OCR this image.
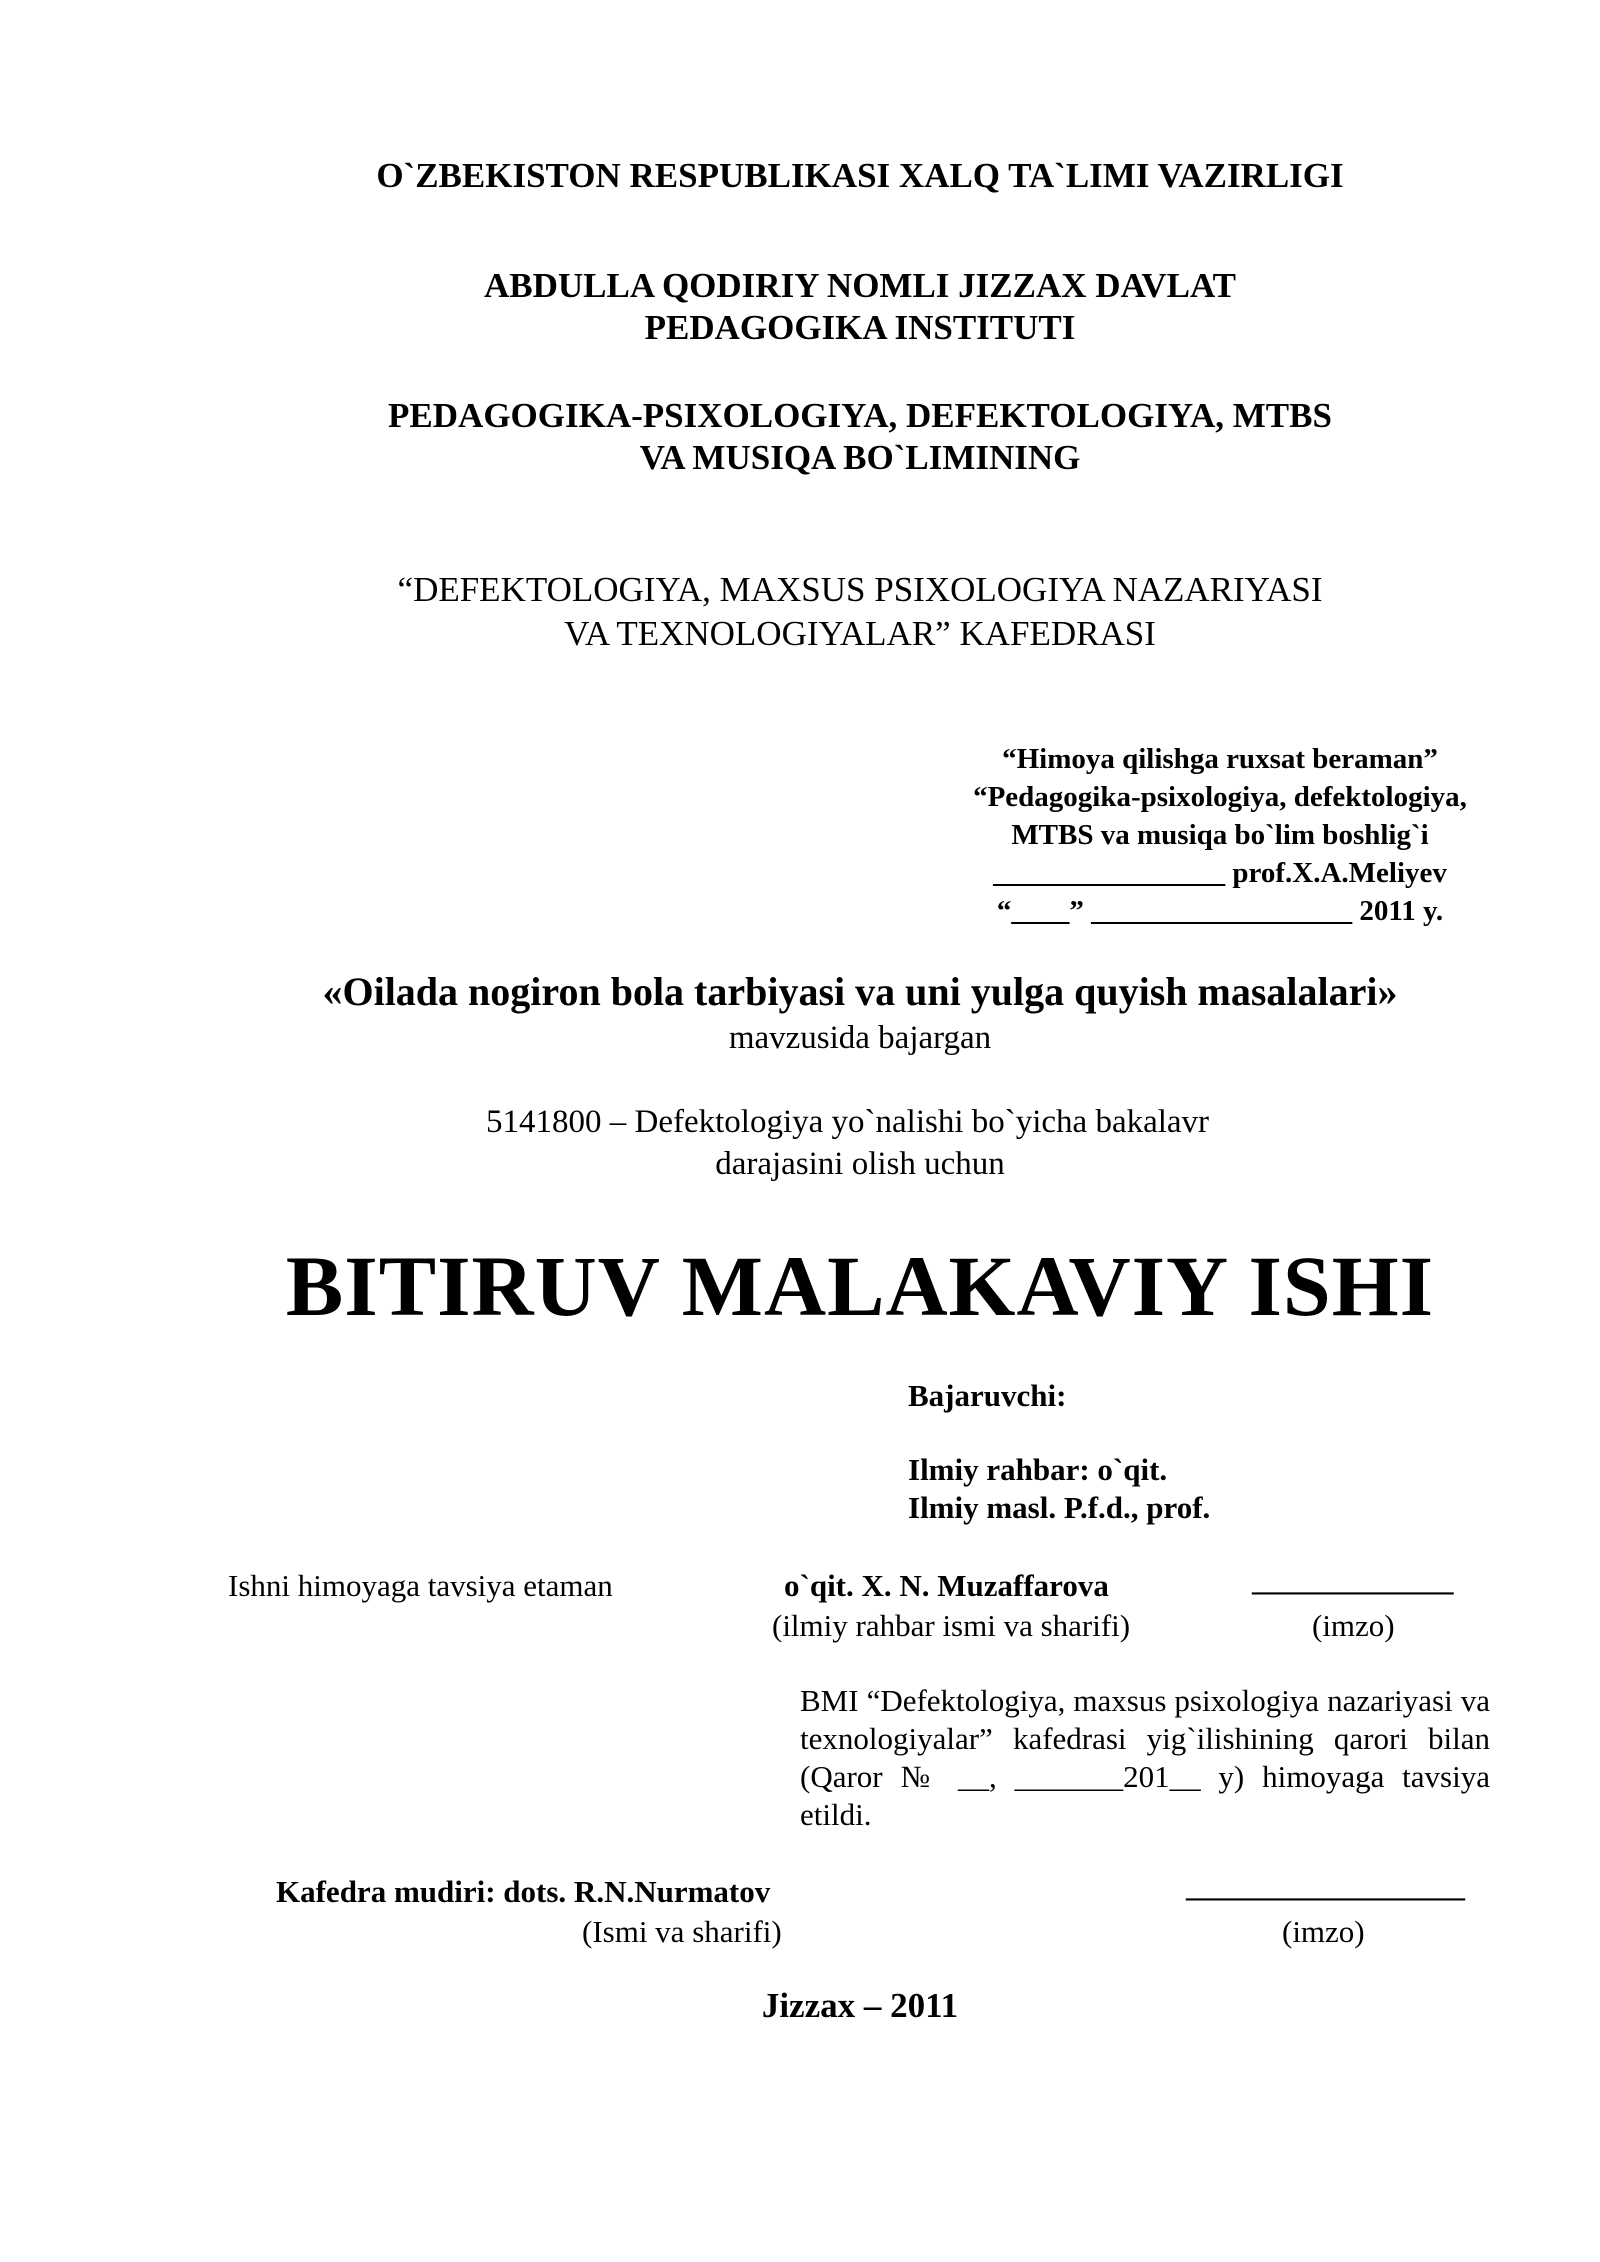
O`ZBEKISTON RESPUBLIKASI XALQ TA`LIMI VAZIRLIGI
ABDULLA QODIRIY NOMLI JIZZAX DAVLAT
PEDAGOGIKA INSTITUTI
PEDAGOGIKA-PSIXOLOGIYA, DEFEKTOLOGIYA, MTBS
VA MUSIQA BO`LIMINING
“DEFEKTOLOGIYA, MAXSUS PSIXOLOGIYA NAZARIYASI
VA TEXNOLOGIYALAR” KAFEDRASI
“Himoya qilishga ruxsat beraman”
“Pedagogika-psixologiya, defektologiya,
MTBS va musiqa bo`lim boshlig`i
________________ prof.X.A.Meliyev
“____” __________________ 2011 y.
«Oilada nogiron bola tarbiyasi va uni yulga quyish masalalari»
mavzusida bajargan
5141800 – Defektologiya yo`nalishi bo`yicha bakalavr
darajasini olish uchun
BITIRUV MALAKAVIY ISHI
Bajaruvchi:
Ilmiy rahbar: o`qit.
Ilmiy masl. P.f.d., prof.
Ishni himoyaga tavsiya etaman	o`qit. X. N. Muzaffarova	_____________
(ilmiy rahbar ismi va sharifi)	(imzo)
BMI “Defektologiya, maxsus psixologiya nazariyasi va texnologiyalar” kafedrasi yig`ilishining qarori bilan (Qaror № __, _______201__ y) himoyaga tavsiya etildi.
Kafedra mudiri: dots. R.N.Nurmatov	__________________
(Ismi va sharifi)	(imzo)
Jizzax – 2011
